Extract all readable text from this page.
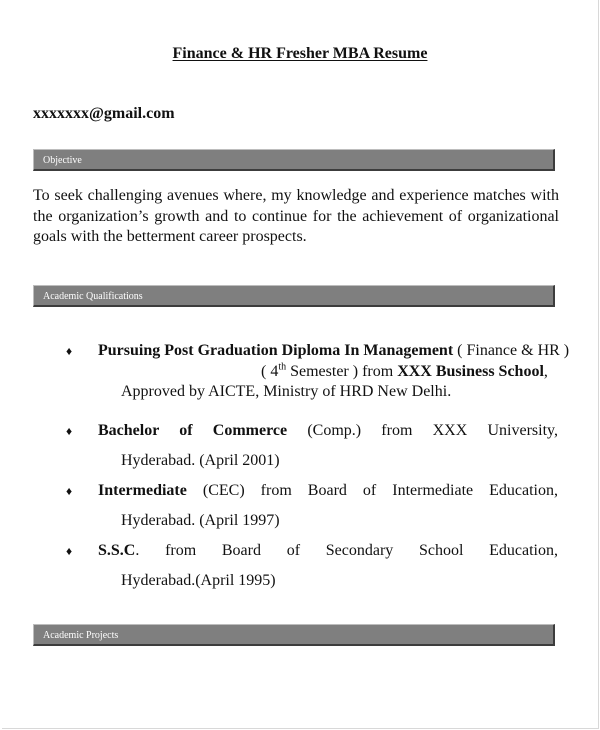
Finance & HR Fresher MBA Resume
xxxxxxx@gmail.com
Objective
To seek challenging avenues where, my knowledge and experience matches with the organization’s growth and to continue for the achievement of organizational goals with the betterment career prospects.
Academic Qualifications
♦ Pursuing Post Graduation Diploma In Management ( Finance & HR ) ( 4th Semester ) from XXX Business School, Approved by AICTE, Ministry of HRD New Delhi.
♦ Bachelor of Commerce (Comp.) from XXX University,
Hyderabad. (April 2001)
♦ Intermediate (CEC) from Board of Intermediate Education,
Hyderabad. (April 1997)
♦ S.S.C. from Board of Secondary School Education,
Hyderabad.(April 1995)
Academic Projects
